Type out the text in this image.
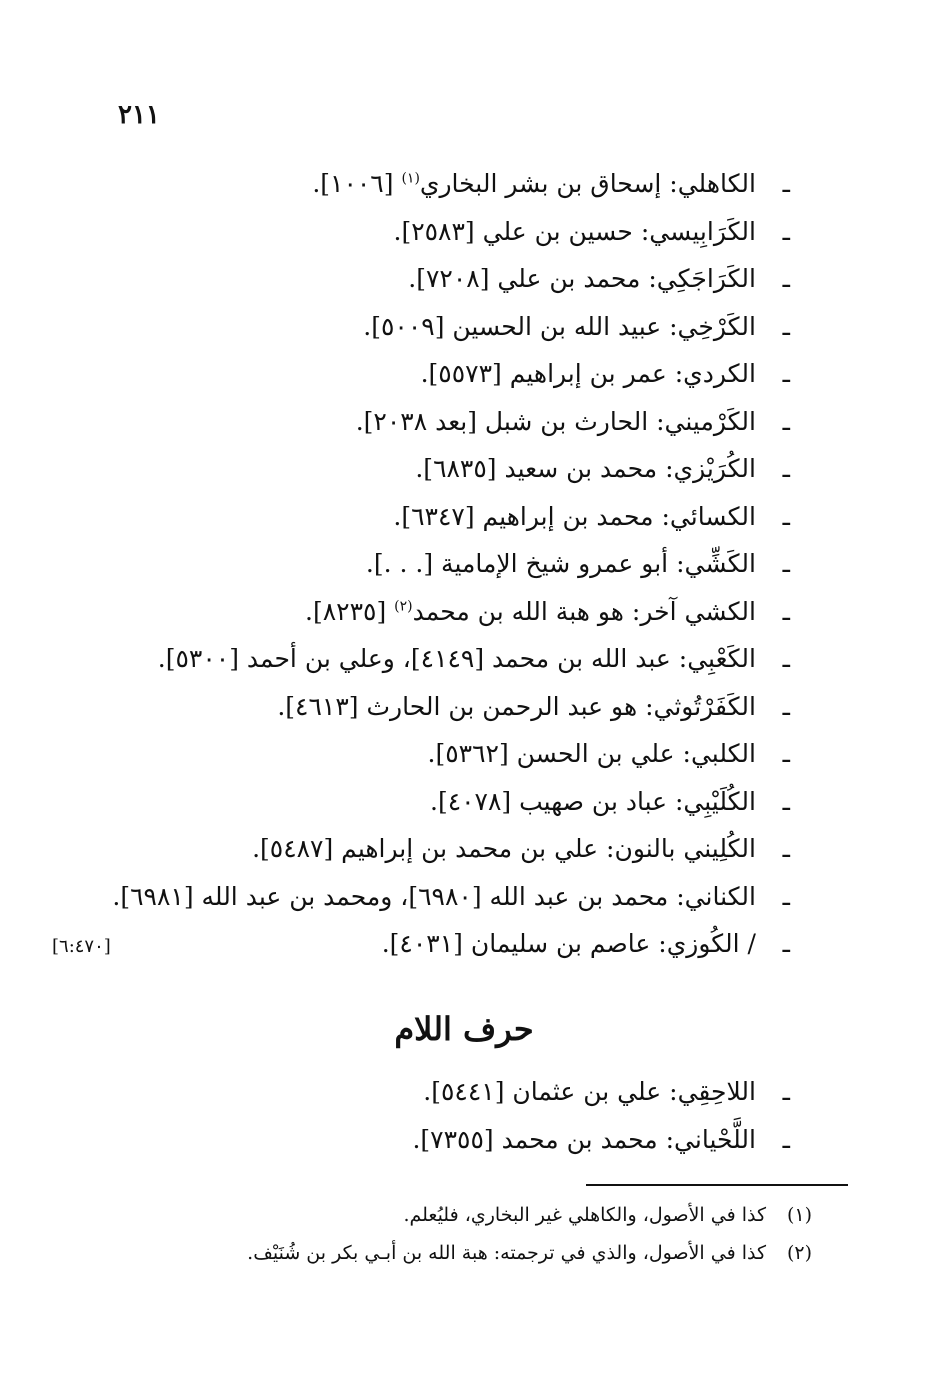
٢١١
ـالكاهلي: إسحاق بن بشر البخاري$^{(١)}$ [١٠٠٦].
ـالكَرَابِيسي: حسين بن علي [٢٥٨٣].
ـالكَرَاجَكِي: محمد بن علي [٧٢٠٨].
ـالكَرْخِي: عبيد الله بن الحسين [٥٠٠٩].
ـالكردي: عمر بن إبراهيم [٥٥٧٣].
ـالكَرْميني: الحارث بن شبل [بعد ٢٠٣٨].
ـالكُرَيْزي: محمد بن سعيد [٦٨٣٥].
ـالكسائي: محمد بن إبراهيم [٦٣٤٧].
ـالكَشِّي: أبو عمرو شيخ الإمامية [. . .].
ـالكشي آخر: هو هبة الله بن محمد$^{(٢)}$ [٨٢٣٥].
ـالكَعْبِي: عبد الله بن محمد [٤١٤٩]، وعلي بن أحمد [٥٣٠٠].
ـالكَفَرْتُوثي: هو عبد الرحمن بن الحارث [٤٦١٣].
ـالكلبي: علي بن الحسن [٥٣٦٢].
ـالكُلَيْبِي: عباد بن صهيب [٤٠٧٨].
ـالكُلِيني بالنون: علي بن محمد بن إبراهيم [٥٤٨٧].
ـالكناني: محمد بن عبد الله [٦٩٨٠]، ومحمد بن عبد الله [٦٩٨١].
ـ/ الكُوزي: عاصم بن سليمان [٤٠٣١].
[٦:٤٧٠]
حرف اللام
ـاللاحِقِي: علي بن عثمان [٥٤٤١].
ـاللَّحْياني: محمد بن محمد [٧٣٥٥].
(١)كذا في الأصول، والكاهلي غير البخاري، فليُعلم.
(٢)كذا في الأصول، والذي في ترجمته: هبة الله بن أبـي بكر بن شُنَيْف.
